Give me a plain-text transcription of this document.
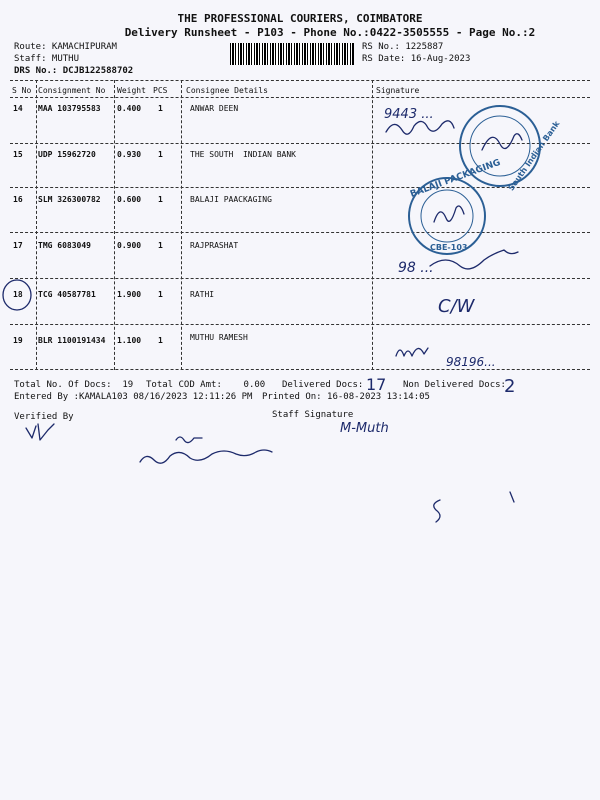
THE PROFESSIONAL COURIERS, COIMBATORE
Delivery Runsheet - P103 - Phone No.:0422-3505555 - Page No.:2
Route: KAMACHIPURAM
Staff: MUTHU
DRS No.: DCJB122588702
RS No.: 1225887
RS Date: 16-Aug-2023
S No Consignment No Weight PCS Consignee Details	Signature
14 MAA 103795583 0.400 1	ANWAR DEEN
15 UDP 15962720	0.930 1	THE SOUTH  INDIAN BANK
16 SLM 326300782 0.600 1	BALAJI PAACKAGING
17 TMG 6083049	0.900 1	RAJPRASHAT
18 TCG 40587781	1.900 1	RATHI
19 BLR 1100191434 1.100 1	MUTHU RAMESH
Total No. Of Docs:  19 Total COD Amt:    0.00 Delivered Docs:	Non Delivered Docs:
Entered By :KAMALA103 08/16/2023 12:11:26 PM Printed On: 16-08-2023 13:14:05
Verified By	Staff Signature
9443 ...
South Indian Bank
BALAJI PACKAGING
CBE-103
98 ...
C/W
98196...
17	2
M-Muth
